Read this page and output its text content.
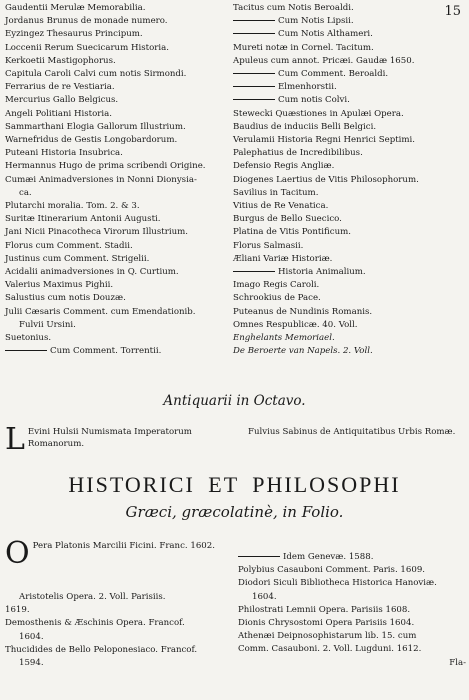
15
Gaudentii Merulæ Memorabilia.
Jordanus Brunus de monade numero.
Eyzingez Thesaurus Principum.
Loccenii Rerum Suecicarum Historia.
Kerkoetii Mastigophorus.
Capitula Caroli Calvi cum notis Sirmondi.
Ferrarius de re Vestiaria.
Mercurius Gallo Belgicus.
Angeli Politiani Historia.
Sammarthani Elogia Gallorum Illustrium.
Warnefridus de Gestis Longobardorum.
Puteani Historia Insubrica.
Hermannus Hugo de prima scribendi Origine.
Cumæi Animadversiones in Nonni Dionysia-
ca.
Plutarchi moralia. Tom. 2. & 3.
Suritæ Itinerarium Antonii Augusti.
Jani Nicii Pinacotheca Virorum Illustrium.
Florus cum Comment. Stadii.
Justinus cum Comment. Strigelii.
Acidalii animadversiones in Q. Curtium.
Valerius Maximus Pighii.
Salustius cum notis Douzæ.
Julii Cæsaris Comment. cum Emendationib.
Fulvii Ursini.
Suetonius.
Cum Comment. Torrentii.
Tacitus cum Notis Beroaldi.
Cum Notis Lipsii.
Cum Notis Althameri.
Mureti notæ in Cornel. Tacitum.
Apuleus cum annot. Pricæi. Gaudæ 1650.
Cum Comment. Beroaldi.
Elmenhorstii.
Cum notis Colvi.
Stewecki Quæstiones in Apulæi Opera.
Baudius de induciis Belli Belgici.
Verulamii Historia Regni Henrici Septimi.
Palephatius de Incredibilibus.
Defensio Regis Angliæ.
Diogenes Laertius de Vitis Philosophorum.
Savilius in Tacitum.
Vitius de Re Venatica.
Burgus de Bello Suecico.
Platina de Vitis Pontificum.
Florus Salmasii.
Æliani Variæ Historiæ.
Historia Animalium.
Imago Regis Caroli.
Schrookius de Pace.
Puteanus de Nundinis Romanis.
Omnes Respublicæ. 40. Voll.
Enghelants Memoriael.
De Beroerte van Napels. 2. Voll.
Antiquarii in Octavo.
L Evini Hulsii Numismata Imperatorum Romanorum.
Fulvius Sabinus de Antiquitatibus Urbis Romæ.
HISTORICI ET PHILOSOPHI
Græci, græcolatinè, in Folio.
O Pera Platonis Marcilii Ficini. Franc. 1602.
Aristotelis Opera. 2. Voll. Parisiis.
1619.
Demosthenis & Æschinis Opera. Francof.
1604.
Thucidides de Bello Peloponesiaco. Francof.
1594.
Idem Genevæ. 1588.
Polybius Casauboni Comment. Paris. 1609.
Diodori Siculi Bibliotheca Historica Hanoviæ.
1604.
Philostrati Lemnii Opera. Parisiis 1608.
Dionis Chrysostomi Opera Parisiis 1604.
Athenæi Deipnosophistarum lib. 15. cum
Comm. Casauboni. 2. Voll. Lugduni. 1612.
Fla-
